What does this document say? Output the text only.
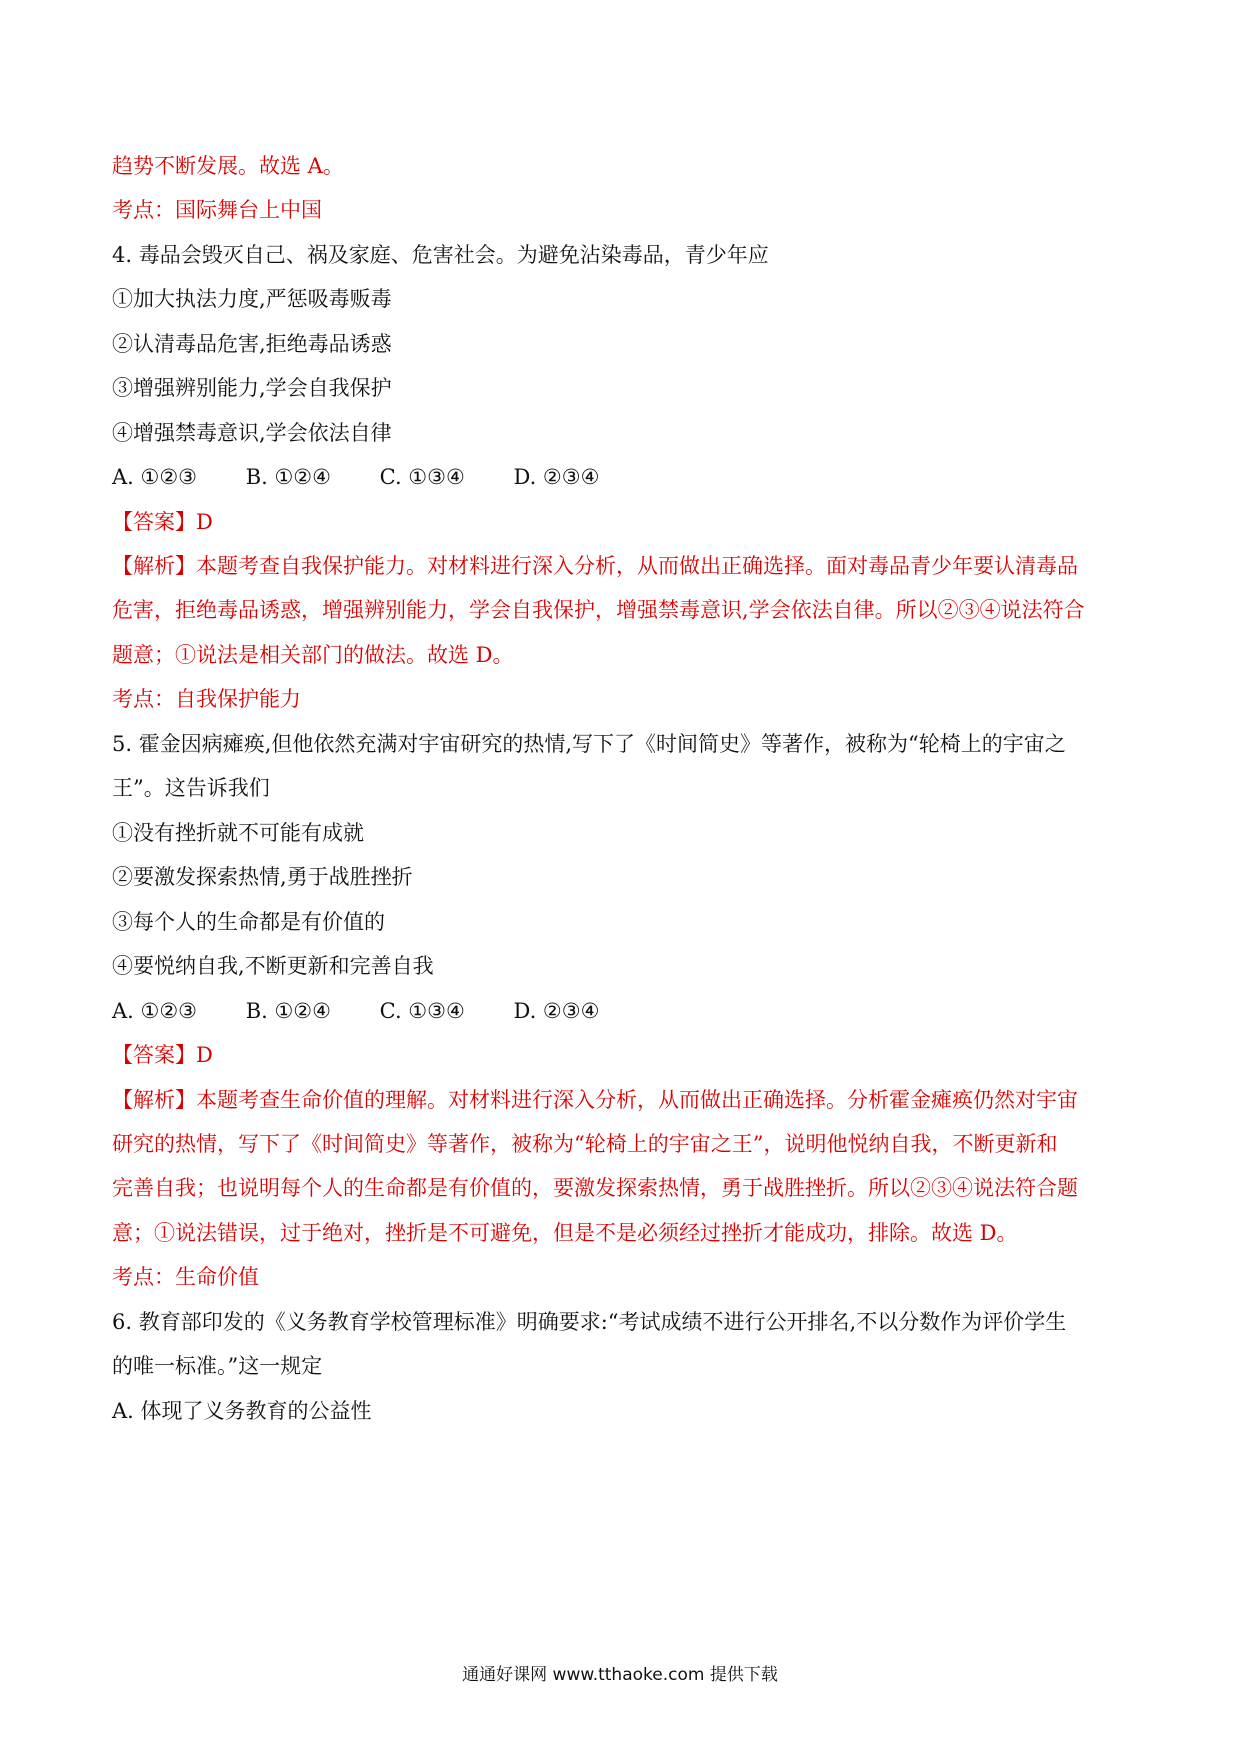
趋势不断发展。故选 A。
考点：国际舞台上中国
4. 毒品会毁灭自己、祸及家庭、危害社会。为避免沾染毒品，青少年应
①加大执法力度,严惩吸毒贩毒
②认清毒品危害,拒绝毒品诱惑
③增强辨别能力,学会自我保护
④增强禁毒意识,学会依法自律
A. ①②③ B. ①②④ C. ①③④ D. ②③④
【答案】D
【解析】本题考查自我保护能力。对材料进行深入分析，从而做出正确选择。面对毒品青少年要认清毒品
危害，拒绝毒品诱惑，增强辨别能力，学会自我保护，增强禁毒意识,学会依法自律。所以②③④说法符合
题意；①说法是相关部门的做法。故选 D。
考点：自我保护能力
5. 霍金因病瘫痪,但他依然充满对宇宙研究的热情,写下了《时间简史》等著作，被称为“轮椅上的宇宙之
王”。这告诉我们
①没有挫折就不可能有成就
②要激发探索热情,勇于战胜挫折
③每个人的生命都是有价值的
④要悦纳自我,不断更新和完善自我
A. ①②③ B. ①②④ C. ①③④ D. ②③④
【答案】D
【解析】本题考查生命价值的理解。对材料进行深入分析，从而做出正确选择。分析霍金瘫痪仍然对宇宙
研究的热情，写下了《时间简史》等著作，被称为“轮椅上的宇宙之王”，说明他悦纳自我，不断更新和
完善自我；也说明每个人的生命都是有价值的，要激发探索热情，勇于战胜挫折。所以②③④说法符合题
意；①说法错误，过于绝对，挫折是不可避免，但是不是必须经过挫折才能成功，排除。故选 D。
考点：生命价值
6. 教育部印发的《义务教育学校管理标准》明确要求:“考试成绩不进行公开排名,不以分数作为评价学生
的唯一标准。”这一规定
A. 体现了义务教育的公益性
通通好课网 www.tthaoke.com 提供下载
